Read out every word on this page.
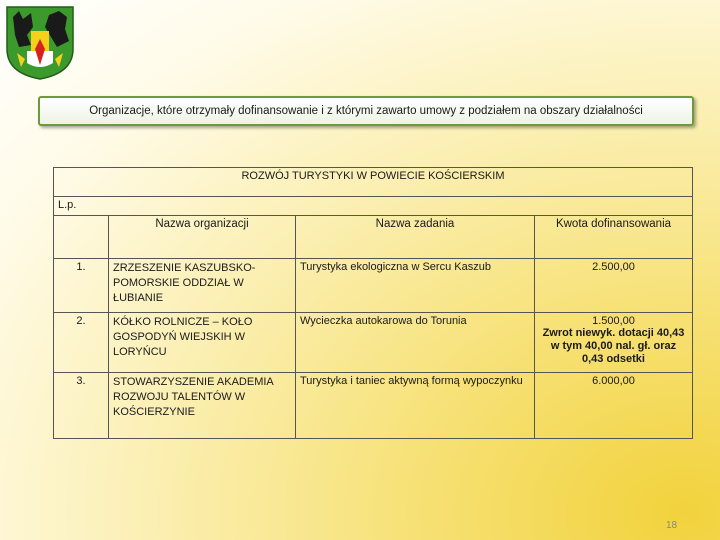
Organizacje, które otrzymały dofinansowanie i z którymi zawarto umowy z podziałem na obszary działalności
ROZWÓJ TURYSTYKI W POWIECIE KOŚCIERSKIM			
L.p.			
	Nazwa organizacji	Nazwa zadania	Kwota dofinansowania
1.	ZRZESZENIE KASZUBSKO-POMORSKIE ODDZIAŁ W ŁUBIANIE	Turystyka ekologiczna w Sercu Kaszub	2.500,00
2.	KÓŁKO ROLNICZE – KOŁO GOSPODYŃ WIEJSKIH W LORYŃCU	Wycieczka autokarowa do Torunia	1.500,00
Zwrot niewyk. dotacji 40,43 w tym 40,00 nal. gł. oraz 0,43 odsetki

3.	STOWARZYSZENIE AKADEMIA ROZWOJU TALENTÓW W KOŚCIERZYNIE	Turystyka i taniec aktywną formą wypoczynku	6.000,00
18
